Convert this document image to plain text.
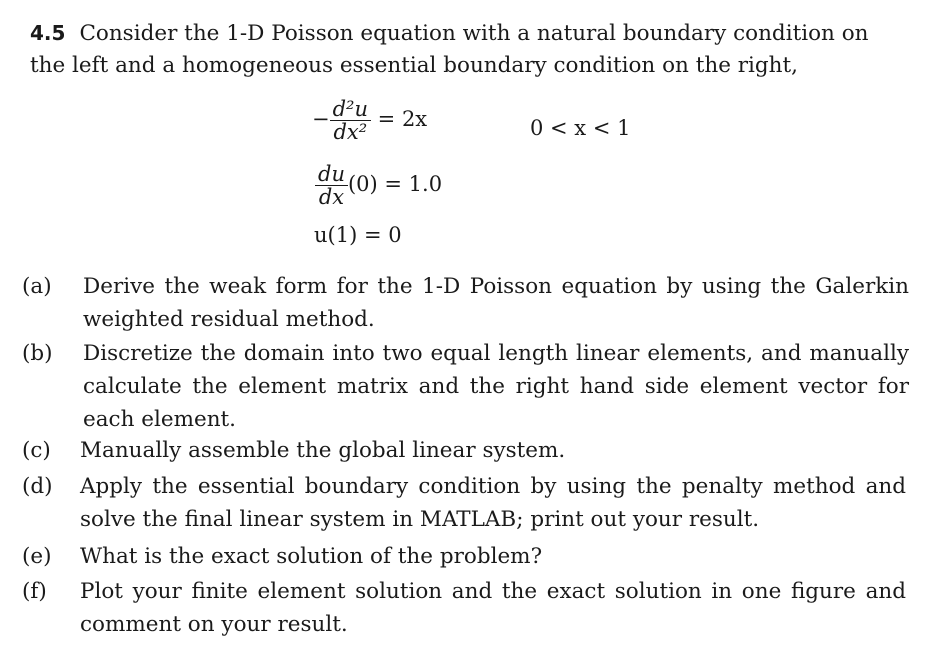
4.5 Consider the 1-D Poisson equation with a natural boundary condition on
the left and a homogeneous essential boundary condition on the right,
− $\frac{\text{d²u}}{\text{dx²}} = 2x$	0 < x < 1
$\frac{du}{dx} (0) = 1.0$
u(1) = 0
(a)	Derive the weak form for the 1-D Poisson equation by using the Galerkin weighted residual method.
(b)	Discretize the domain into two equal length linear elements, and manually calculate the element matrix and the right hand side element vector for each element.
(c)	Manually assemble the global linear system.
(d)	Apply the essential boundary condition by using the penalty method and solve the final linear system in MATLAB; print out your result.
(e)	What is the exact solution of the problem?
(f)	Plot your finite element solution and the exact solution in one figure and comment on your result.
